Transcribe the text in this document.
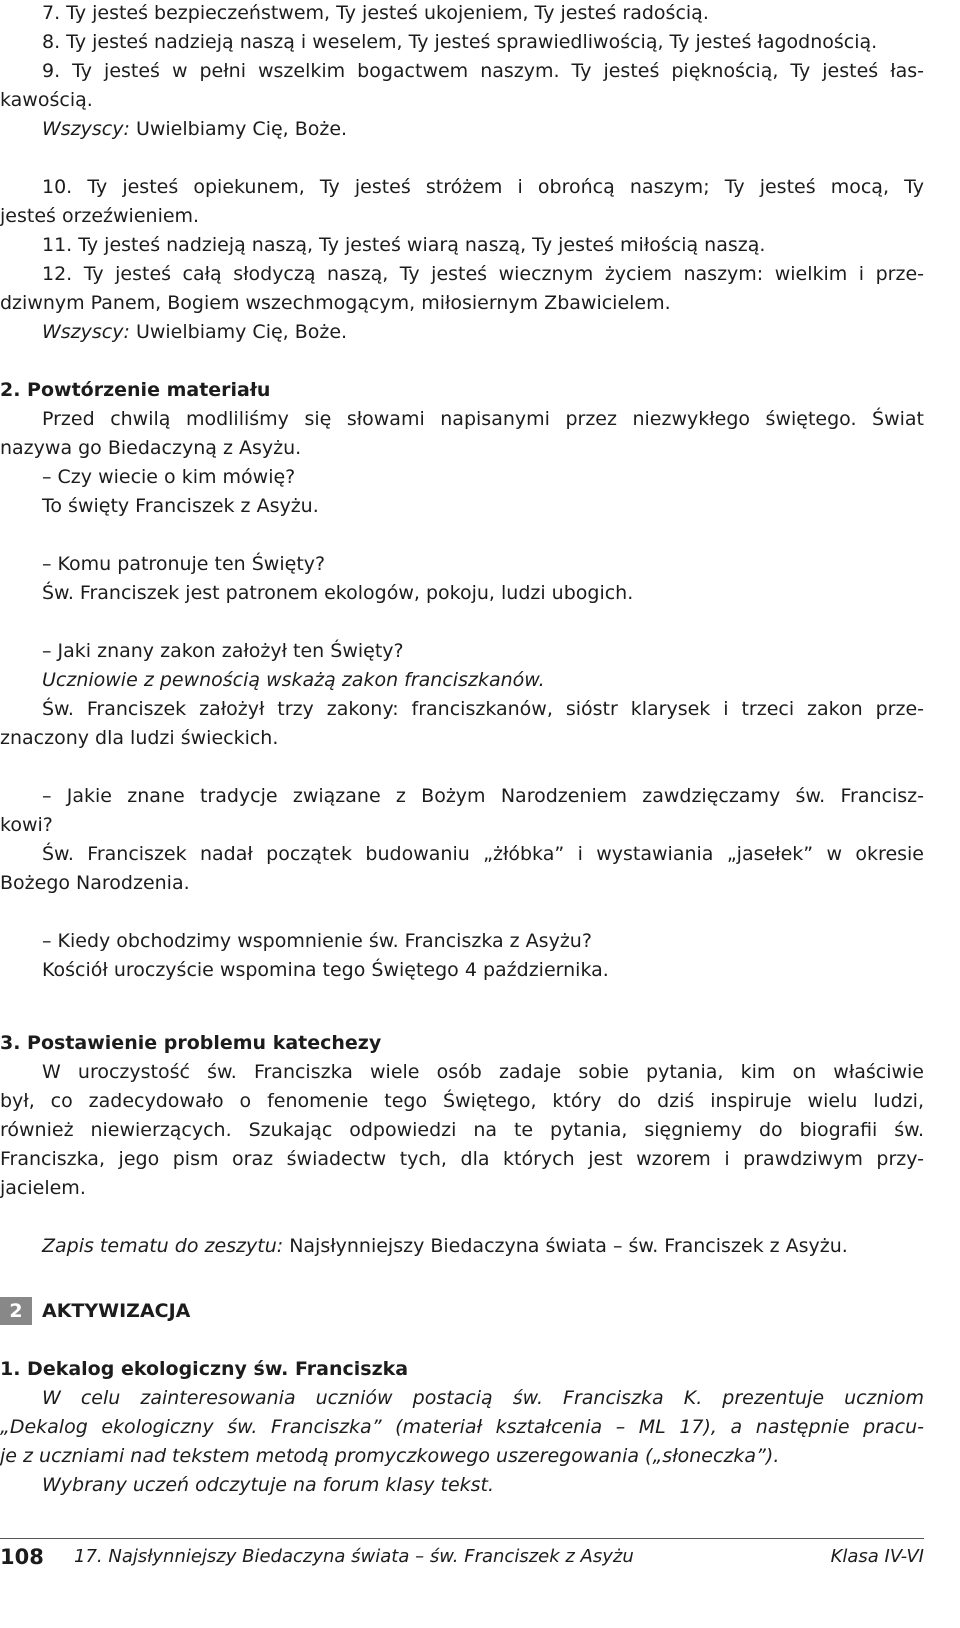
7. Ty jesteś bezpieczeństwem, Ty jesteś ukojeniem, Ty jesteś radością.
8. Ty jesteś nadzieją naszą i weselem, Ty jesteś sprawiedliwością, Ty jesteś łagodnością.
9. Ty jesteś w pełni wszelkim bogactwem naszym. Ty jesteś pięknością, Ty jesteś łas-
kawością.
Wszyscy: Uwielbiamy Cię, Boże.
10. Ty jesteś opiekunem, Ty jesteś stróżem i obrońcą naszym; Ty jesteś mocą, Ty
jesteś orzeźwieniem.
11. Ty jesteś nadzieją naszą, Ty jesteś wiarą naszą, Ty jesteś miłością naszą.
12. Ty jesteś całą słodyczą naszą, Ty jesteś wiecznym życiem naszym: wielkim i prze-
dziwnym Panem, Bogiem wszechmogącym, miłosiernym Zbawicielem.
Wszyscy: Uwielbiamy Cię, Boże.
2. Powtórzenie materiału
Przed chwilą modliliśmy się słowami napisanymi przez niezwykłego świętego. Świat
nazywa go Biedaczyną z Asyżu.
– Czy wiecie o kim mówię?
To święty Franciszek z Asyżu.
– Komu patronuje ten Święty?
Św. Franciszek jest patronem ekologów, pokoju, ludzi ubogich.
– Jaki znany zakon założył ten Święty?
Uczniowie z pewnością wskażą zakon franciszkanów.
Św. Franciszek założył trzy zakony: franciszkanów, sióstr klarysek i trzeci zakon prze-
znaczony dla ludzi świeckich.
– Jakie znane tradycje związane z Bożym Narodzeniem zawdzięczamy św. Francisz-
kowi?
Św. Franciszek nadał początek budowaniu „żłóbka” i wystawiania „jasełek” w okresie
Bożego Narodzenia.
– Kiedy obchodzimy wspomnienie św. Franciszka z Asyżu?
Kościół uroczyście wspomina tego Świętego 4 października.
3. Postawienie problemu katechezy
W uroczystość św. Franciszka wiele osób zadaje sobie pytania, kim on właściwie
był, co zadecydowało o fenomenie tego Świętego, który do dziś inspiruje wielu ludzi,
również niewierzących. Szukając odpowiedzi na te pytania, sięgniemy do biografii św.
Franciszka, jego pism oraz świadectw tych, dla których jest wzorem i prawdziwym przy-
jacielem.
Zapis tematu do zeszytu: Najsłynniejszy Biedaczyna świata – św. Franciszek z Asyżu.
2	AKTYWIZACJA
1. Dekalog ekologiczny św. Franciszka
W celu zainteresowania uczniów postacią św. Franciszka K. prezentuje uczniom
„Dekalog ekologiczny św. Franciszka” (materiał kształcenia – ML 17), a następnie pracu-
je z uczniami nad tekstem metodą promyczkowego uszeregowania („słoneczka”).
Wybrany uczeń odczytuje na forum klasy tekst.
108 17. Najsłynniejszy Biedaczyna świata – św. Franciszek z Asyżu	Klasa IV-VI
